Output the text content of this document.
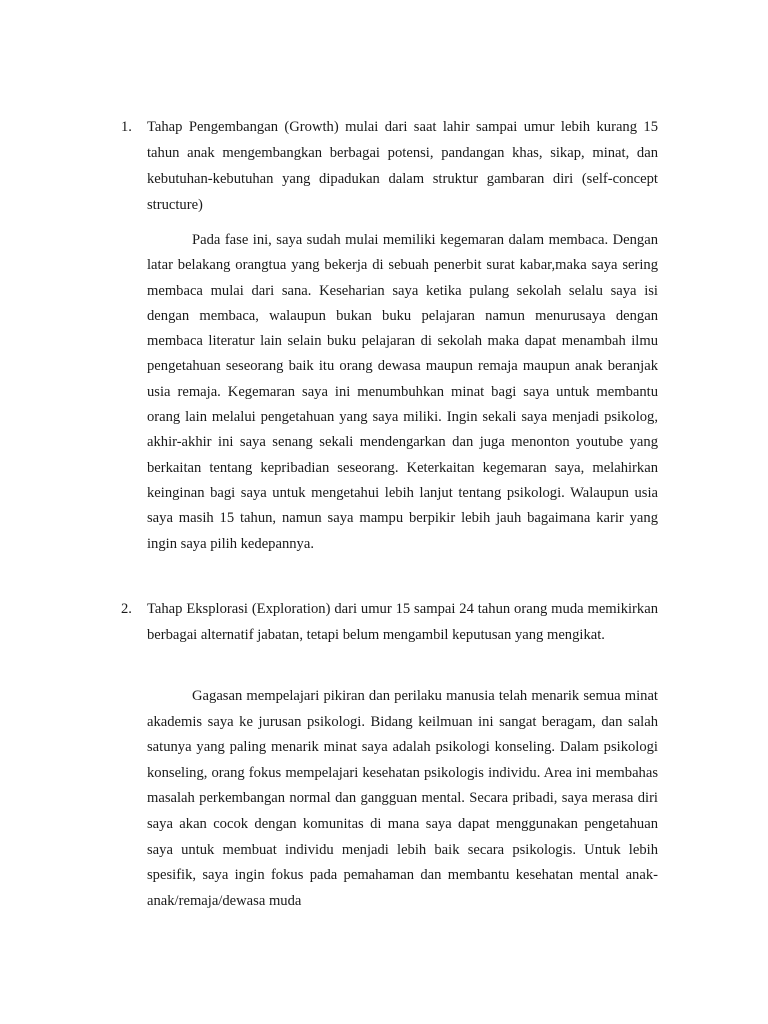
1.	Tahap Pengembangan (Growth) mulai dari saat lahir sampai umur lebih kurang 15 tahun anak mengembangkan berbagai potensi, pandangan khas, sikap, minat, dan kebutuhan-kebutuhan yang dipadukan dalam struktur gambaran diri (self-concept structure)
Pada fase ini, saya sudah mulai memiliki kegemaran dalam membaca. Dengan latar belakang orangtua yang bekerja di sebuah penerbit surat kabar,maka saya sering membaca mulai dari sana. Keseharian saya ketika pulang sekolah selalu saya isi dengan membaca, walaupun bukan buku pelajaran namun menurusaya dengan membaca literatur lain selain buku pelajaran di sekolah maka dapat menambah ilmu pengetahuan seseorang baik itu orang dewasa maupun remaja maupun anak beranjak usia remaja. Kegemaran saya ini menumbuhkan minat bagi saya untuk membantu orang lain melalui pengetahuan yang saya miliki. Ingin sekali saya menjadi psikolog, akhir-akhir ini saya senang sekali mendengarkan dan juga menonton youtube yang berkaitan tentang kepribadian seseorang. Keterkaitan kegemaran saya, melahirkan keinginan bagi saya untuk mengetahui lebih lanjut tentang psikologi. Walaupun usia saya masih 15 tahun, namun saya mampu berpikir lebih jauh bagaimana karir yang ingin saya pilih kedepannya.
2.	Tahap Eksplorasi (Exploration) dari umur 15 sampai 24 tahun orang muda memikirkan berbagai alternatif jabatan, tetapi belum mengambil keputusan yang mengikat.
Gagasan mempelajari pikiran dan perilaku manusia telah menarik semua minat akademis saya ke jurusan psikologi. Bidang keilmuan ini sangat beragam, dan salah satunya yang paling menarik minat saya adalah psikologi konseling. Dalam psikologi konseling, orang fokus mempelajari kesehatan psikologis individu. Area ini membahas masalah perkembangan normal dan gangguan mental. Secara pribadi, saya merasa diri saya akan cocok dengan komunitas di mana saya dapat menggunakan pengetahuan saya untuk membuat individu menjadi lebih baik secara psikologis. Untuk lebih spesifik, saya ingin fokus pada pemahaman dan membantu kesehatan mental anak-anak/remaja/dewasa muda
